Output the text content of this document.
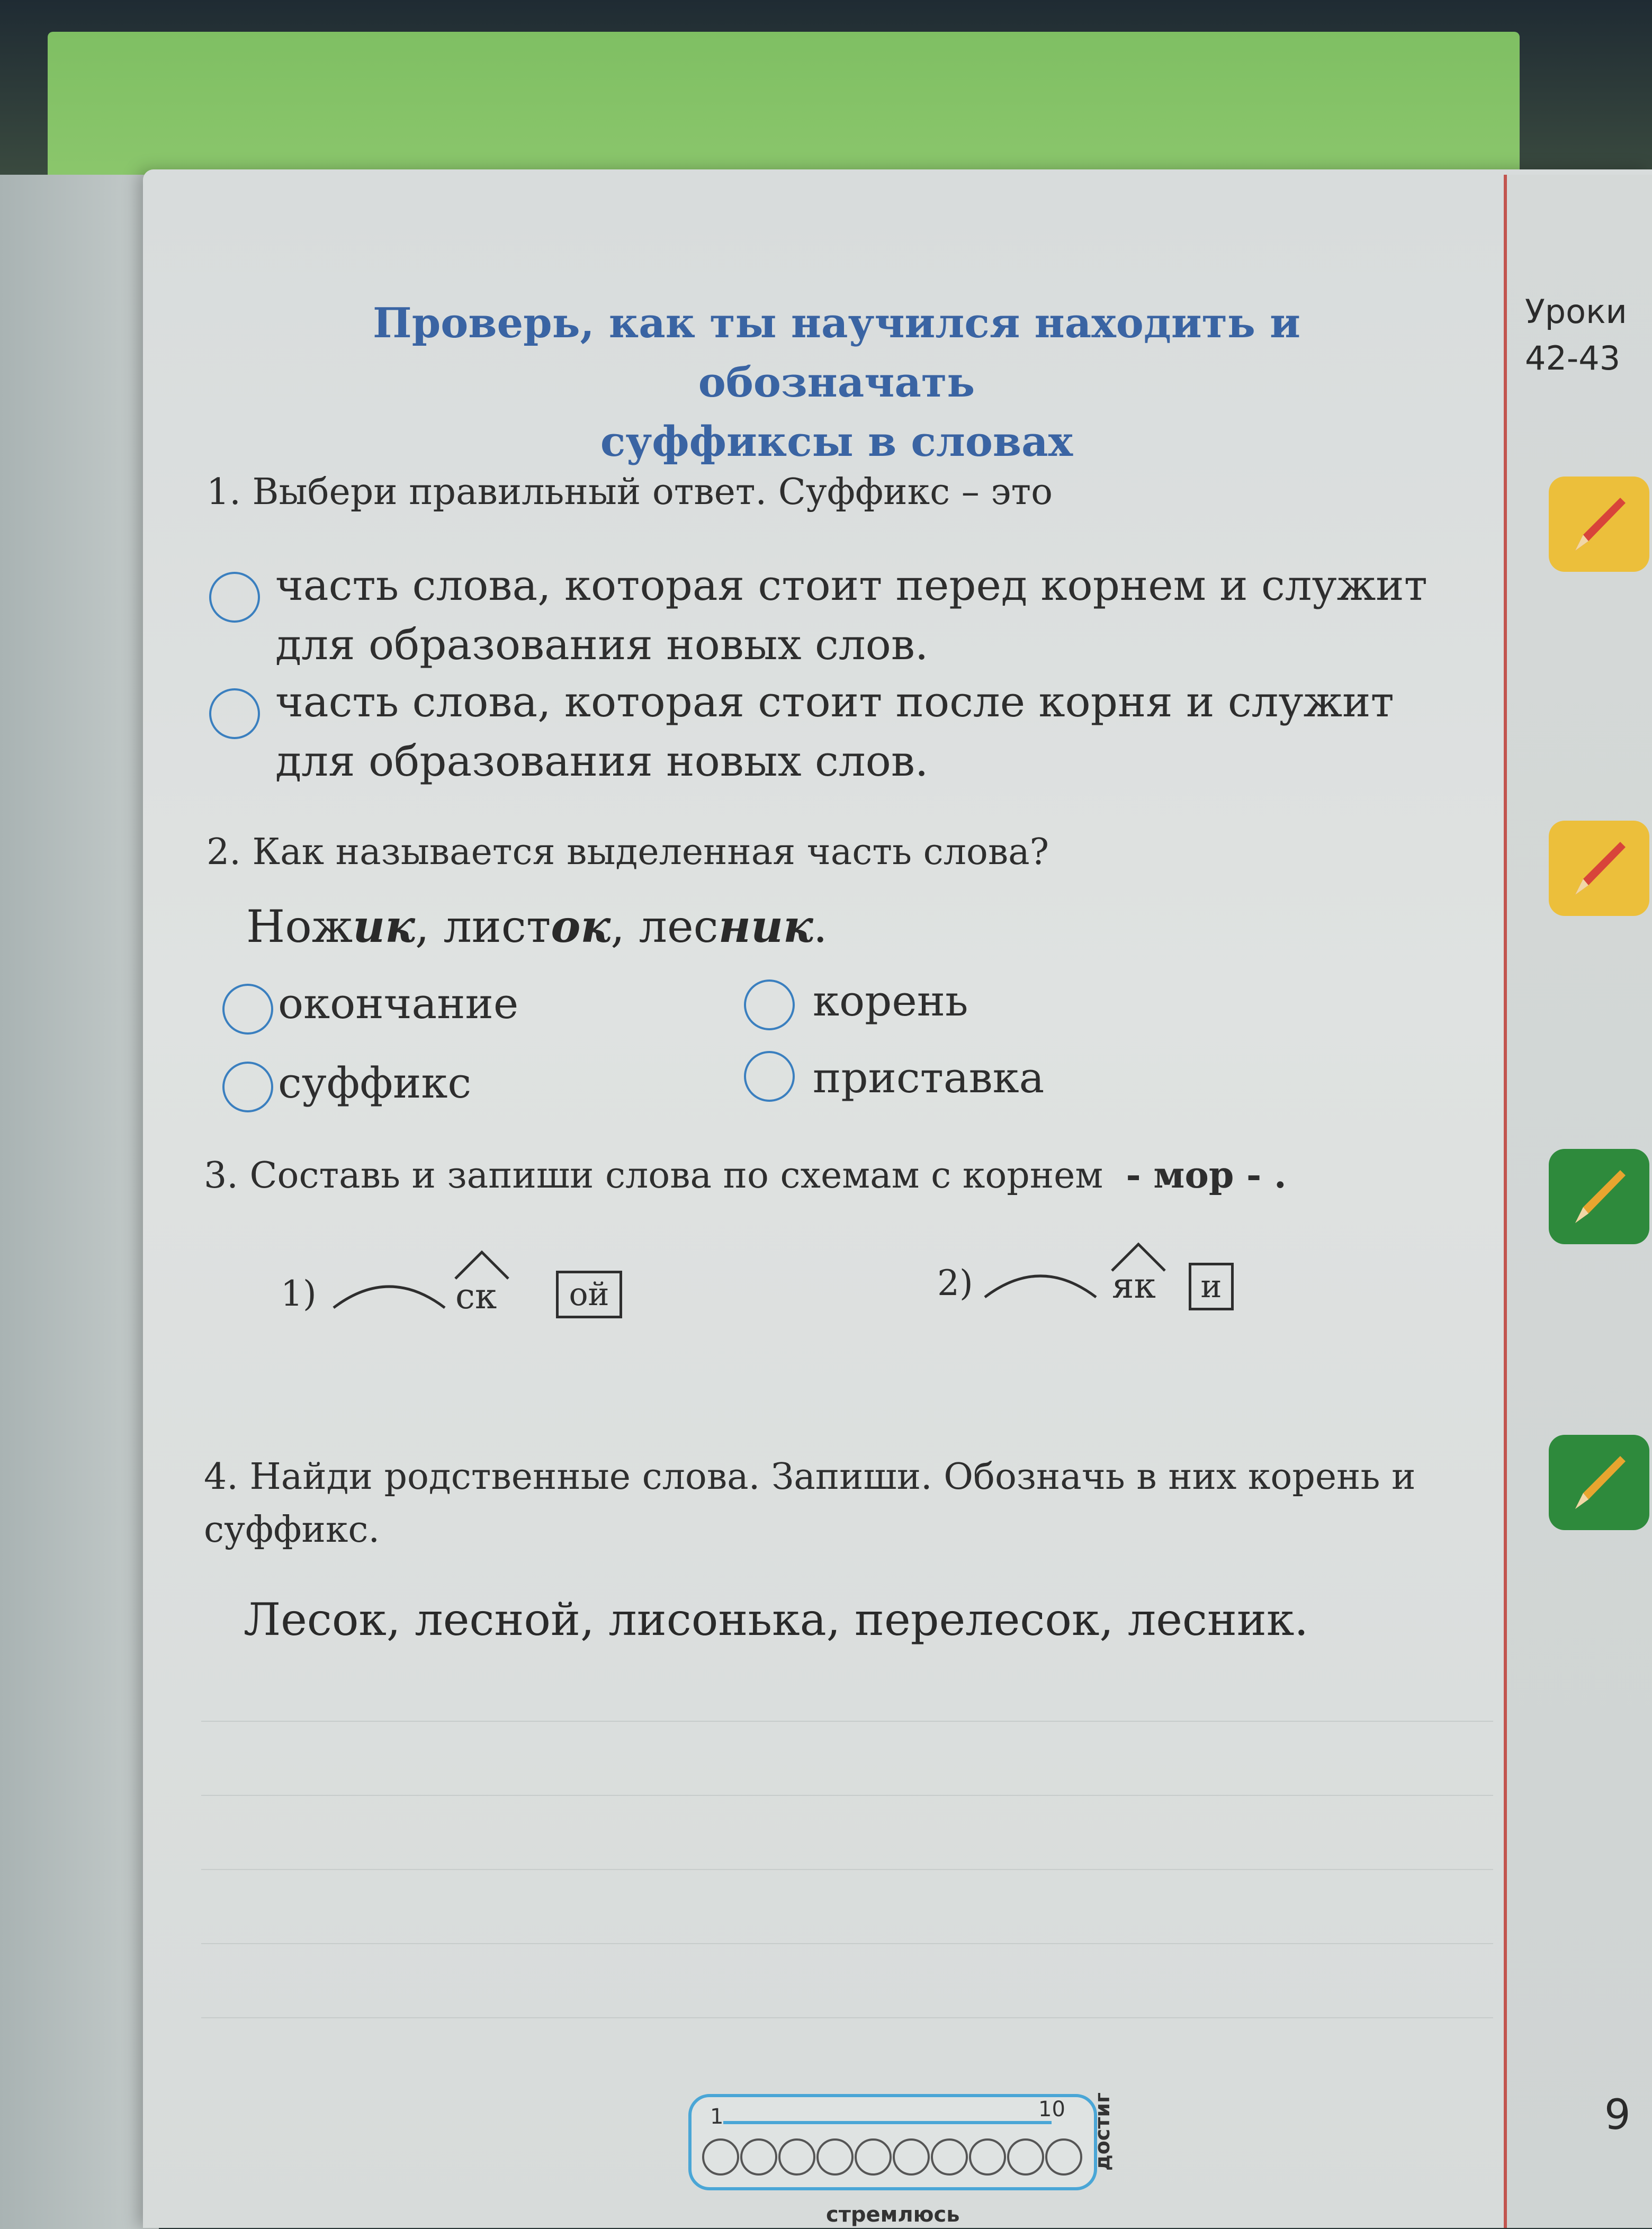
Проверь, как ты научился находить и обозначать
суффиксы в словах
Уроки
42-43
1. Выбери правильный ответ. Суффикс – это
часть слова, которая стоит перед корнем и служит
для образования новых слов.
часть слова, которая стоит после корня и служит
для образования новых слов.
2. Как называется выделенная часть слова?
Ножик, листок, лесник.
окончание	корень
суффикс	приставка
3. Составь и запиши слова по схемам с корнем - мор - .
1)	ск	ой	2)	як	и
4. Найди родственные слова. Запиши. Обозначь в них корень и
суффикс.
Лесок, лесной, лисонька, перелесок, лесник.
1	10
стремлюсь
достиг	9
